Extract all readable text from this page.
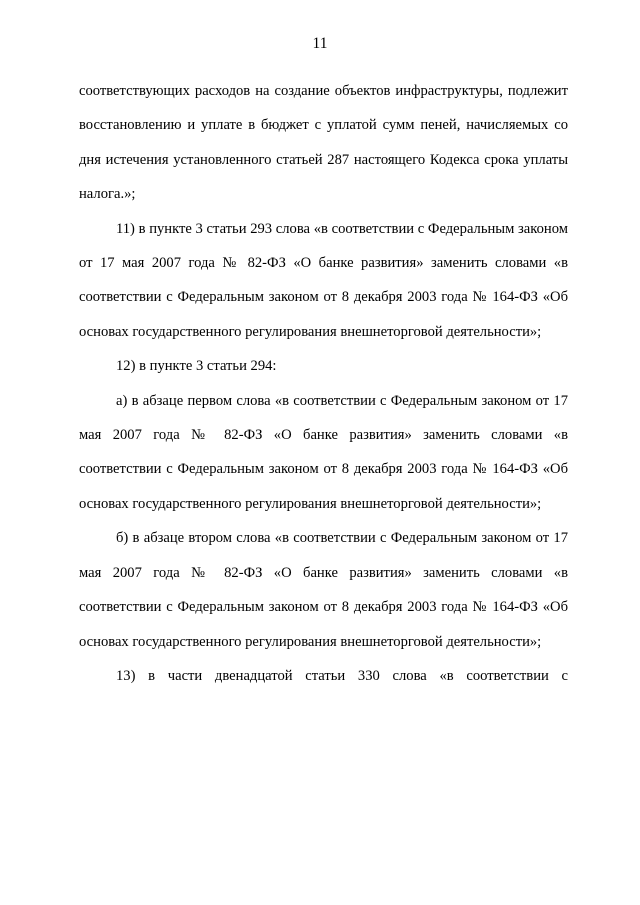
11

соответствующих расходов на создание объектов инфраструктуры, подлежит восстановлению и уплате в бюджет с уплатой сумм пеней, начисляемых со дня истечения установленного статьей 287 настоящего Кодекса срока уплаты налога.»;

11) в пункте 3 статьи 293 слова «в соответствии с Федеральным законом от 17 мая 2007 года № 82-ФЗ «О банке развития» заменить словами «в соответствии с Федеральным законом от 8 декабря 2003 года № 164-ФЗ «Об основах государственного регулирования внешнеторговой деятельности»;

12) в пункте 3 статьи 294:

а) в абзаце первом слова «в соответствии с Федеральным законом от 17 мая 2007 года № 82-ФЗ «О банке развития» заменить словами «в соответствии с Федеральным законом от 8 декабря 2003 года № 164-ФЗ «Об основах государственного регулирования внешнеторговой деятельности»;

б) в абзаце втором слова «в соответствии с Федеральным законом от 17 мая 2007 года № 82-ФЗ «О банке развития» заменить словами «в соответствии с Федеральным законом от 8 декабря 2003 года № 164-ФЗ «Об основах государственного регулирования внешнеторговой деятельности»;

13) в части двенадцатой статьи 330 слова «в соответствии с
